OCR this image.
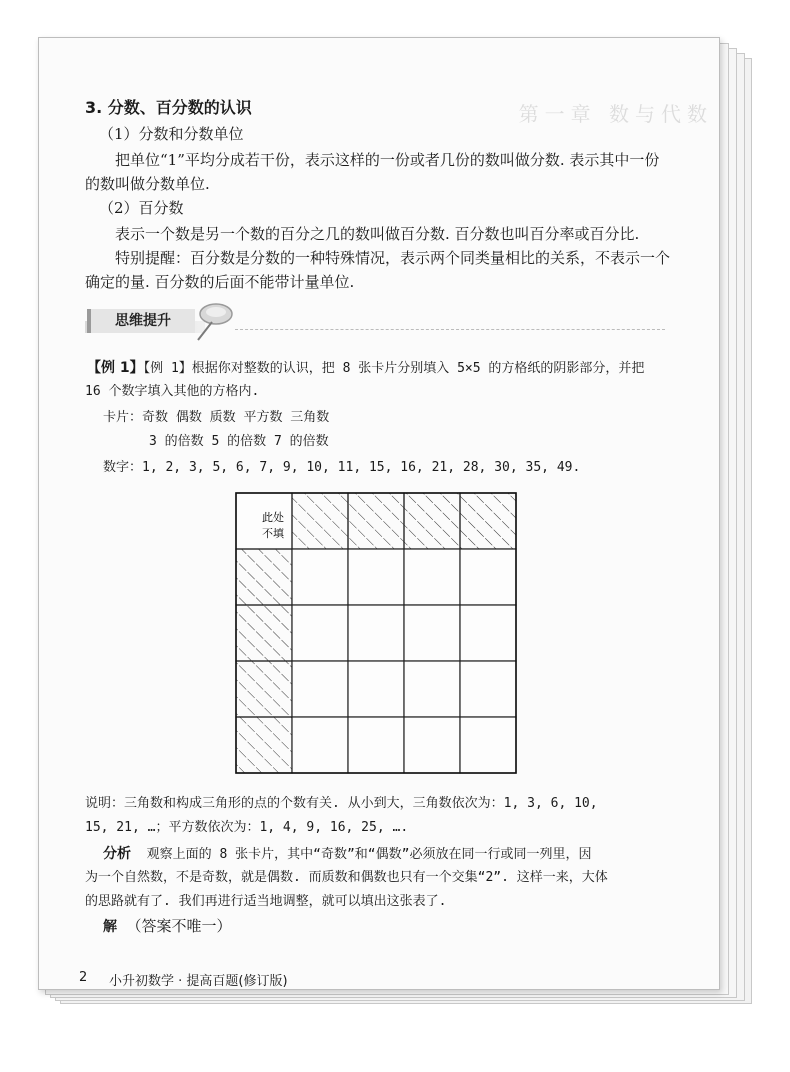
第一章 数与代数
3. 分数、百分数的认识
（1）分数和分数单位
把单位“1”平均分成若干份，表示这样的一份或者几份的数叫做分数. 表示其中一份
的数叫做分数单位.
（2）百分数
表示一个数是另一个数的百分之几的数叫做百分数. 百分数也叫百分率或百分比.
特别提醒：百分数是分数的一种特殊情况，表示两个同类量相比的关系，不表示一个
确定的量. 百分数的后面不能带计量单位.
思维提升
【例 1】【例 1】根据你对整数的认识，把 8 张卡片分别填入 5×5 的方格纸的阴影部分，并把
16 个数字填入其他的方格内.
卡片：奇数 偶数 质数 平方数 三角数
3 的倍数 5 的倍数 7 的倍数
数字：1, 2, 3, 5, 6, 7, 9, 10, 11, 15, 16, 21, 28, 30, 35, 49.
此处
不填
说明：三角数和构成三角形的点的个数有关. 从小到大，三角数依次为：1, 3, 6, 10,
15, 21, …；平方数依次为：1, 4, 9, 16, 25, ….
分析 观察上面的 8 张卡片，其中“奇数”和“偶数”必须放在同一行或同一列里，因
为一个自然数，不是奇数，就是偶数. 而质数和偶数也只有一个交集“2”. 这样一来，大体
的思路就有了. 我们再进行适当地调整，就可以填出这张表了.
解 （答案不唯一）
2 小升初数学 · 提高百题(修订版)
